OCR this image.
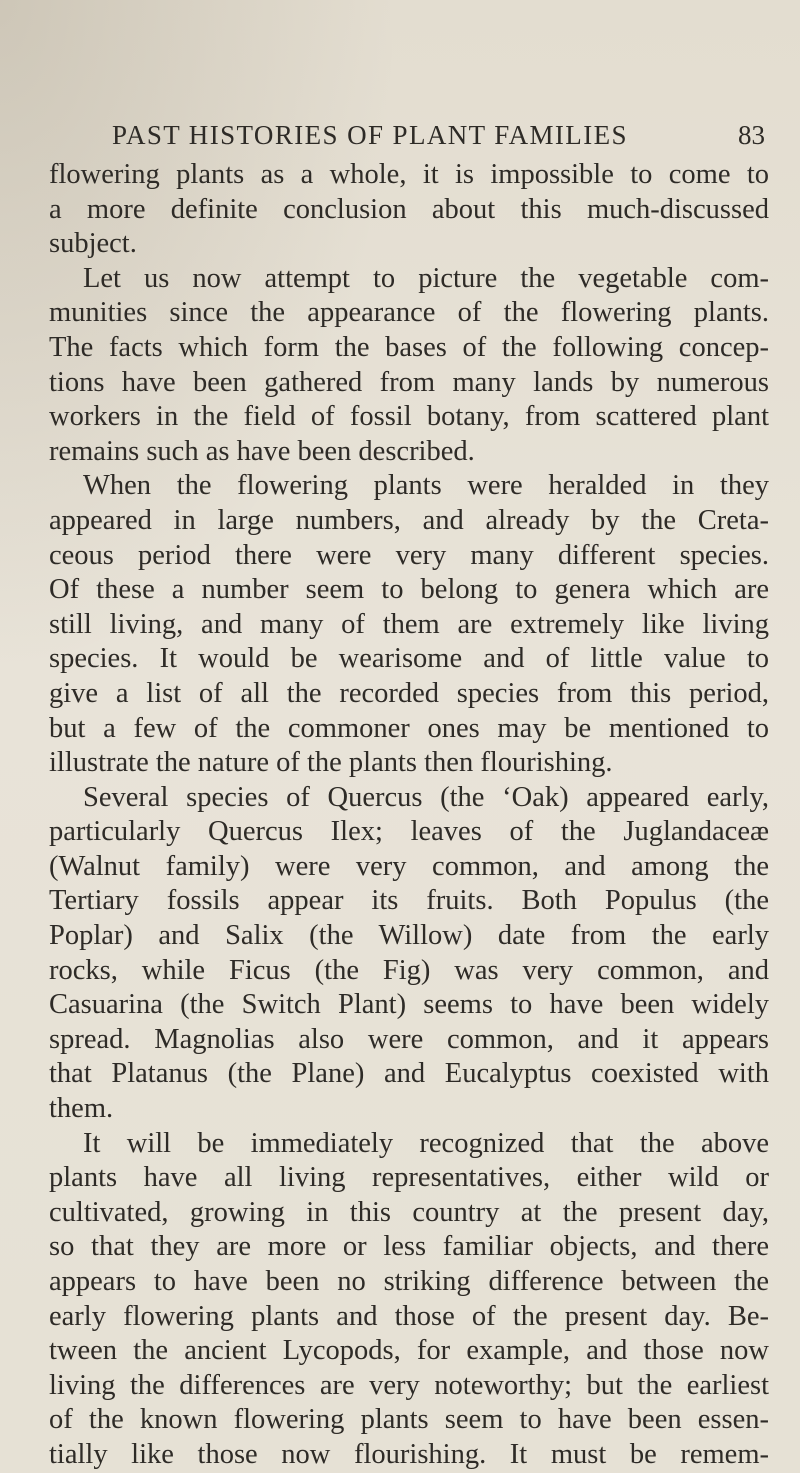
PAST HISTORIES OF PLANT FAMILIES	83
flowering plants as a whole, it is impossible to come to
a more definite conclusion about this much-discussed
subject.
Let us now attempt to picture the vegetable com-
munities since the appearance of the flowering plants.
The facts which form the bases of the following concep-
tions have been gathered from many lands by numerous
workers in the field of fossil botany, from scattered plant
remains such as have been described.
When the flowering plants were heralded in they
appeared in large numbers, and already by the Creta-
ceous period there were very many different species.
Of these a number seem to belong to genera which are
still living, and many of them are extremely like living
species. It would be wearisome and of little value to
give a list of all the recorded species from this period,
but a few of the commoner ones may be mentioned to
illustrate the nature of the plants then flourishing.
Several species of Quercus (the ‘Oak) appeared early,
particularly Quercus Ilex; leaves of the Juglandaceæ
(Walnut family) were very common, and among the
Tertiary fossils appear its fruits. Both Populus (the
Poplar) and Salix (the Willow) date from the early
rocks, while Ficus (the Fig) was very common, and
Casuarina (the Switch Plant) seems to have been widely
spread. Magnolias also were common, and it appears
that Platanus (the Plane) and Eucalyptus coexisted with
them.
It will be immediately recognized that the above
plants have all living representatives, either wild or
cultivated, growing in this country at the present day,
so that they are more or less familiar objects, and there
appears to have been no striking difference between the
early flowering plants and those of the present day. Be-
tween the ancient Lycopods, for example, and those now
living the differences are very noteworthy; but the earliest
of the known flowering plants seem to have been essen-
tially like those now flourishing. It must be remem-
